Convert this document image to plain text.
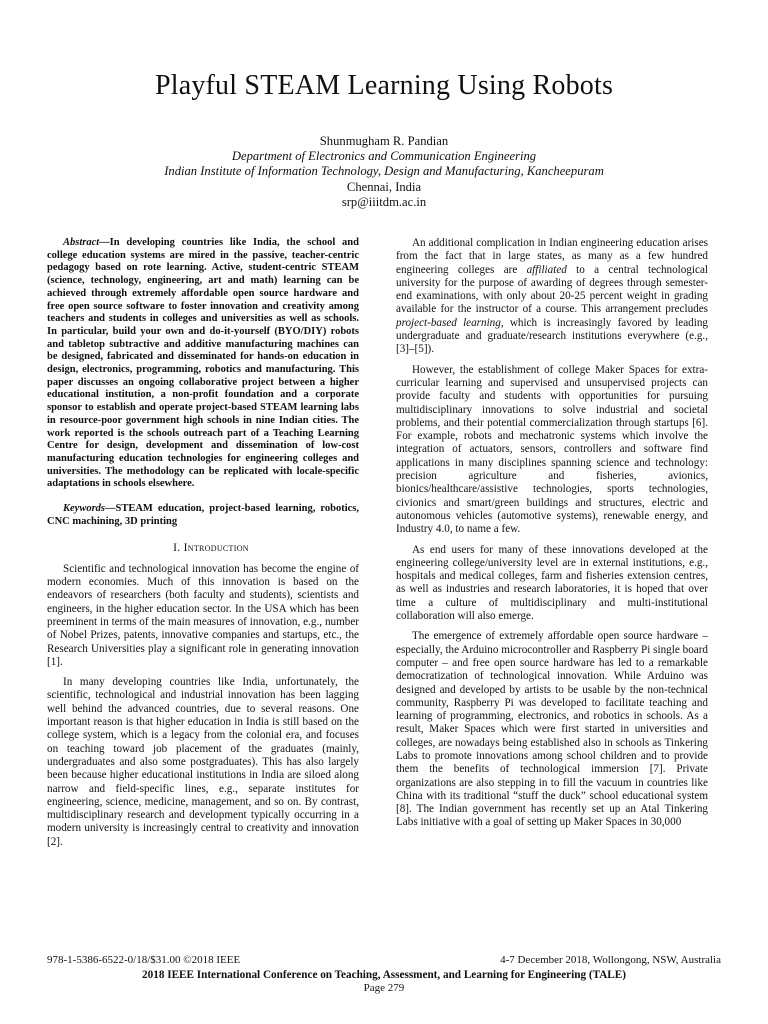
Playful STEAM Learning Using Robots
Shunmugham R. Pandian
Department of Electronics and Communication Engineering
Indian Institute of Information Technology, Design and Manufacturing, Kancheepuram
Chennai, India
srp@iiitdm.ac.in

Abstract—In developing countries like India, the school and college education systems are mired in the passive, teacher-centric pedagogy based on rote learning. Active, student-centric STEAM (science, technology, engineering, art and math) learning can be achieved through extremely affordable open source hardware and free open source software to foster innovation and creativity among teachers and students in colleges and universities as well as schools. In particular, build your own and do-it-yourself (BYO/DIY) robots and tabletop subtractive and additive manufacturing machines can be designed, fabricated and disseminated for hands-on education in design, electronics, programming, robotics and manufacturing. This paper discusses an ongoing collaborative project between a higher educational institution, a non-profit foundation and a corporate sponsor to establish and operate project-based STEAM learning labs in resource-poor government high schools in nine Indian cities. The work reported is the schools outreach part of a Teaching Learning Centre for design, development and dissemination of low-cost manufacturing education technologies for engineering colleges and universities. The methodology can be replicated with locale-specific adaptations in schools elsewhere.

Keywords—STEAM education, project-based learning, robotics, CNC machining, 3D printing

I. Introduction

Scientific and technological innovation has become the engine of modern economies. Much of this innovation is based on the endeavors of researchers (both faculty and students), scientists and engineers, in the higher education sector. In the USA which has been preeminent in terms of the main measures of innovation, e.g., number of Nobel Prizes, patents, innovative companies and startups, etc., the Research Universities play a significant role in generating innovation [1].

In many developing countries like India, unfortunately, the scientific, technological and industrial innovation has been lagging well behind the advanced countries, due to several reasons. One important reason is that higher education in India is still based on the college system, which is a legacy from the colonial era, and focuses on teaching toward job placement of the graduates (mainly, undergraduates and also some postgraduates). This has also largely been because higher educational institutions in India are siloed along narrow and field-specific lines, e.g., separate institutes for engineering, science, medicine, management, and so on. By contrast, multidisciplinary research and development typically occurring in a modern university is increasingly central to creativity and innovation [2].

An additional complication in Indian engineering education arises from the fact that in large states, as many as a few hundred engineering colleges are affiliated to a central technological university for the purpose of awarding of degrees through semester-end examinations, with only about 20-25 percent weight in grading available for the instructor of a course. This arrangement precludes project-based learning, which is increasingly favored by leading undergraduate and graduate/research institutions everywhere (e.g., [3]–[5]).

However, the establishment of college Maker Spaces for extra-curricular learning and supervised and unsupervised projects can provide faculty and students with opportunities for pursuing multidisciplinary innovations to solve industrial and societal problems, and their potential commercialization through startups [6]. For example, robots and mechatronic systems which involve the integration of actuators, sensors, controllers and software find applications in many disciplines spanning science and technology: precision agriculture and fisheries, avionics, bionics/healthcare/assistive technologies, sports technologies, civionics and smart/green buildings and structures, electric and autonomous vehicles (automotive systems), renewable energy, and Industry 4.0, to name a few.

As end users for many of these innovations developed at the engineering college/university level are in external institutions, e.g., hospitals and medical colleges, farm and fisheries extension centres, as well as industries and research laboratories, it is hoped that over time a culture of multidisciplinary and multi-institutional collaboration will also emerge.

The emergence of extremely affordable open source hardware – especially, the Arduino microcontroller and Raspberry Pi single board computer – and free open source hardware has led to a remarkable democratization of technological innovation. While Arduino was designed and developed by artists to be usable by the non-technical community, Raspberry Pi was developed to facilitate teaching and learning of programming, electronics, and robotics in schools. As a result, Maker Spaces which were first started in universities and colleges, are nowadays being established also in schools as Tinkering Labs to promote innovations among school children and to provide them the benefits of technological immersion [7]. Private organizations are also stepping in to fill the vacuum in countries like China with its traditional “stuff the duck” school educational system [8]. The Indian government has recently set up an Atal Tinkering Labs initiative with a goal of setting up Maker Spaces in 30,000

978-1-5386-6522-0/18/$31.00 ©2018 IEEE	4-7 December 2018, Wollongong, NSW, Australia
2018 IEEE International Conference on Teaching, Assessment, and Learning for Engineering (TALE)
Page 279
